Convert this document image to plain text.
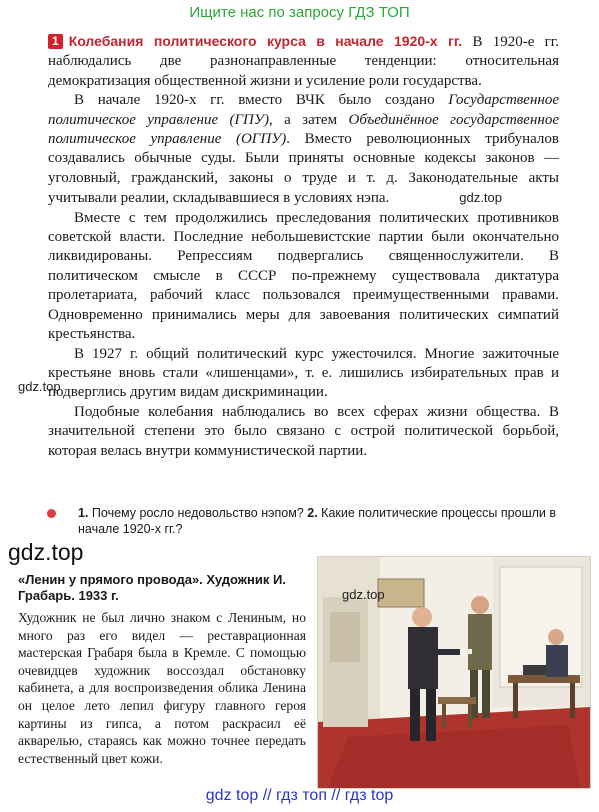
Ищите нас по запросу ГДЗ ТОП

1 Колебания политического курса в начале 1920-х гг. В 1920-е гг. наблюдались две разнонаправленные тенденции: относительная демократизация общественной жизни и усиление роли государства.

В начале 1920-х гг. вместо ВЧК было создано Государственное политическое управление (ГПУ), а затем Объединённое государственное политическое управление (ОГПУ). Вместо революционных трибуналов создавались обычные суды. Были приняты основные кодексы законов — уголовный, гражданский, законы о труде и т. д. Законодательные акты учитывали реалии, складывавшиеся в условиях нэпа.	gdz.top

Вместе с тем продолжились преследования политических противников советской власти. Последние небольшевистские партии были окончательно ликвидированы. Репрессиям подвергались священнослужители. В политическом смысле в СССР по-прежнему существовала диктатура пролетариата, рабочий класс пользовался преимущественными правами. Одновременно принимались меры для завоевания политических симпатий крестьянства.

В 1927 г. общий политический курс ужесточился. Многие зажиточные крестьяне вновь стали «лишенцами», т. е. лишились избирательных прав и подверглись другим видам дискриминации.

Подобные колебания наблюдались во всех сферах жизни общества. В значительной степени это было связано с острой политической борьбой, которая велась внутри коммунистической партии.

gdz.top
1. Почему росло недовольство нэпом? 2. Какие политические процессы прошли в начале 1920-х гг.?
gdz.top
«Ленин у прямого провода». Художник И. Грабарь. 1933 г.
Художник не был лично знаком с Лениным, но много раз его видел — реставрационная мастерская Грабаря была в Кремле. С помощью очевидцев художник воссоздал обстановку кабинета, а для воспроизведения облика Ленина он целое лето лепил фигуру главного героя картины из гипса, а потом раскрасил её акварелью, стараясь как можно точнее передать естественный цвет кожи.
gdz.top
gdz top // гдз топ // гдз top
